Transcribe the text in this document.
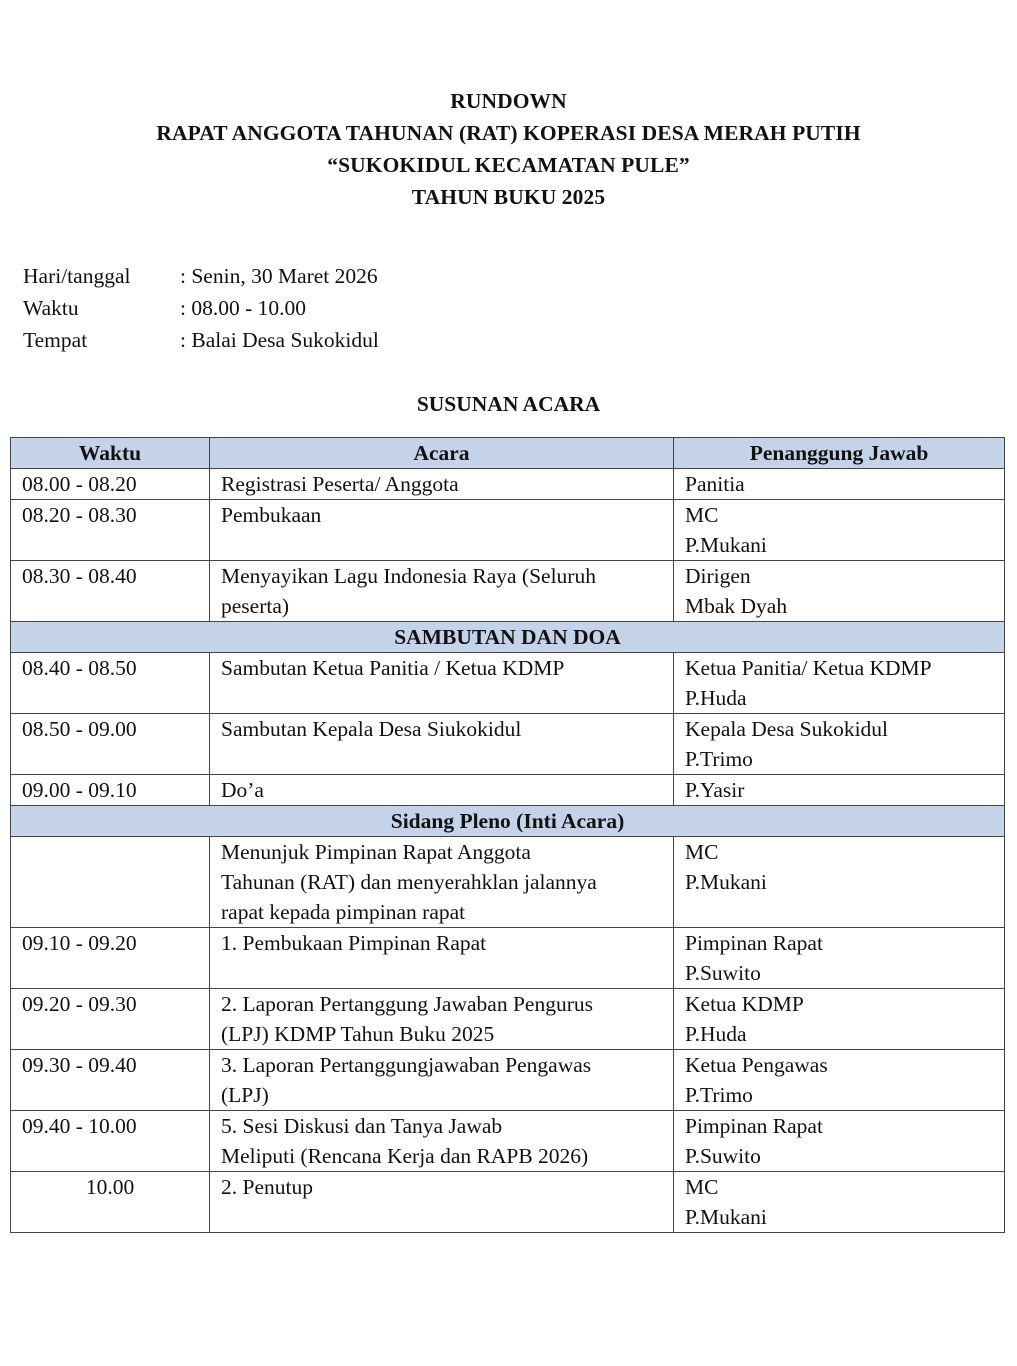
RUNDOWN
RAPAT ANGGOTA TAHUNAN (RAT) KOPERASI DESA MERAH PUTIH
“SUKOKIDUL KECAMATAN PULE”
TAHUN BUKU 2025
Hari/tanggal	: Senin, 30 Maret 2026
Waktu	: 08.00 - 10.00
Tempat	: Balai Desa Sukokidul
SUSUNAN ACARA
Waktu	Acara	Penanggung Jawab
08.00 - 08.20	Registrasi Peserta/ Anggota	Panitia

08.20 - 08.30	Pembukaan	MC
P.Mukani

08.30 - 08.40	Menyayikan Lagu Indonesia Raya (Seluruh
peserta)	Dirigen
Mbak Dyah

SAMBUTAN DAN DOA		
08.40 - 08.50	Sambutan Ketua Panitia / Ketua KDMP	Ketua Panitia/ Ketua KDMP
P.Huda

08.50 - 09.00	Sambutan Kepala Desa Siukokidul	Kepala Desa Sukokidul
P.Trimo

09.00 - 09.10	Do’a	P.Yasir

Sidang Pleno (Inti Acara)		

	Menunjuk Pimpinan Rapat Anggota
Tahunan (RAT) dan menyerahklan jalannya
rapat kepada pimpinan rapat	MC
P.Mukani

09.10 - 09.20	1. Pembukaan Pimpinan Rapat	Pimpinan Rapat
P.Suwito

09.20 - 09.30	2. Laporan Pertanggung Jawaban Pengurus
(LPJ) KDMP Tahun Buku 2025	Ketua KDMP
P.Huda

09.30 - 09.40	3. Laporan Pertanggungjawaban Pengawas
(LPJ)	Ketua Pengawas
P.Trimo

09.40 - 10.00	5. Sesi Diskusi dan Tanya Jawab
Meliputi (Rencana Kerja dan RAPB 2026)	Pimpinan Rapat
P.Suwito

10.00	2. Penutup	MC
P.Mukani
